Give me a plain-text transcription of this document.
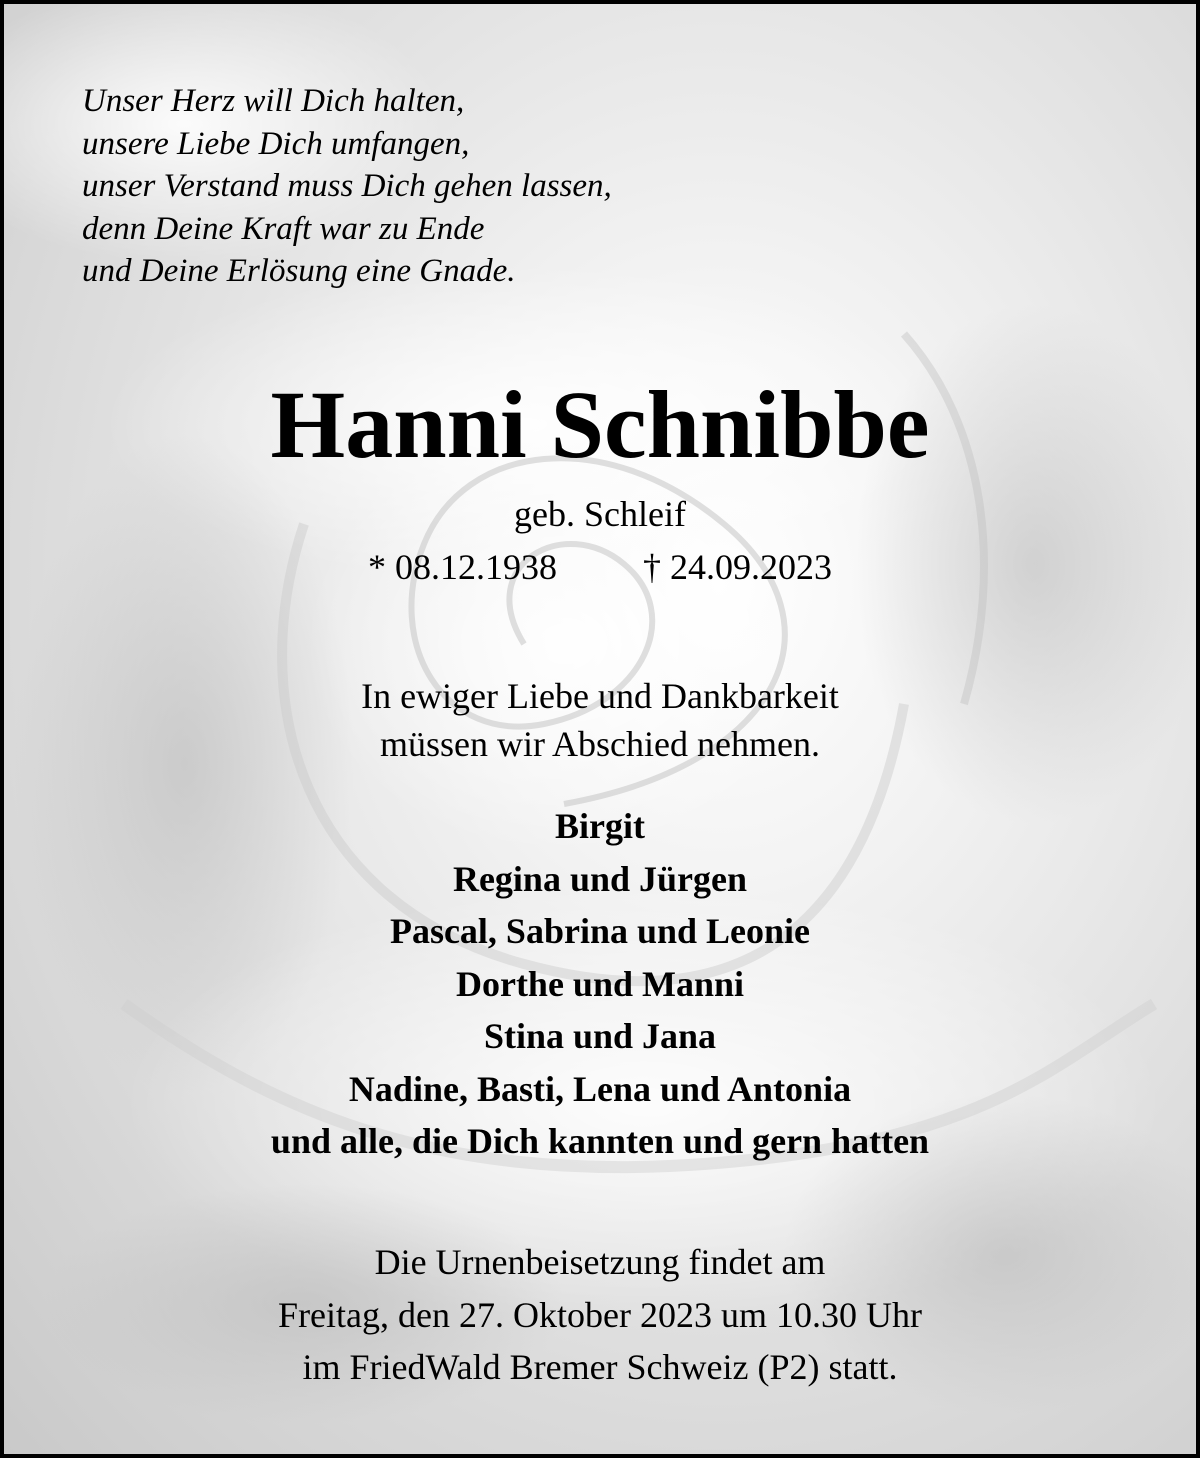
Unser Herz will Dich halten,
unsere Liebe Dich umfangen,
unser Verstand muss Dich gehen lassen,
denn Deine Kraft war zu Ende
und Deine Erlösung eine Gnade.
Hanni Schnibbe
geb. Schleif
* 08.12.1938 † 24.09.2023
In ewiger Liebe und Dankbarkeit
müssen wir Abschied nehmen.
Birgit
Regina und Jürgen
Pascal, Sabrina und Leonie
Dorthe und Manni
Stina und Jana
Nadine, Basti, Lena und Antonia
und alle, die Dich kannten und gern hatten
Die Urnenbeisetzung findet am
Freitag, den 27. Oktober 2023 um 10.30 Uhr
im FriedWald Bremer Schweiz (P2) statt.
